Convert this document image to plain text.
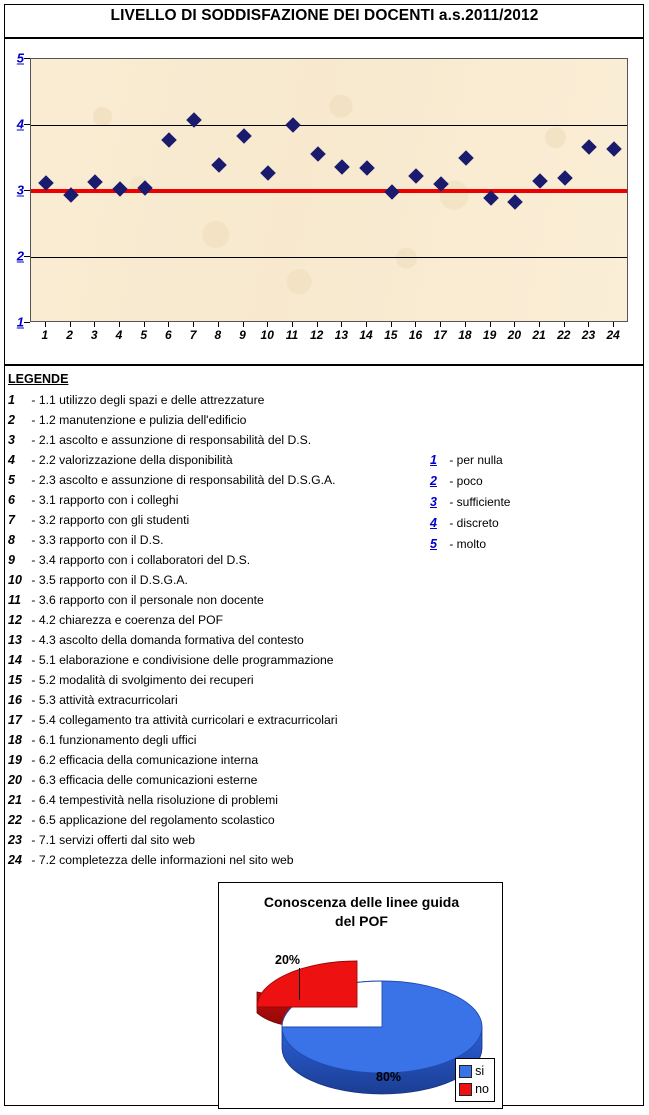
LIVELLO DI SODDISFAZIONE DEI DOCENTI a.s.2011/2012
1
2
3
4
5
1 2 3 4 5 6 7 8 9 10 11 12 13 14 15 16 17 18 19 20 21 22 23 24
LEGENDE
1 - 1.1 utilizzo degli spazi e delle attrezzature
2 - 1.2 manutenzione e pulizia dell'edificio
3 - 2.1 ascolto e assunzione di responsabilità del D.S.
4 - 2.2 valorizzazione della disponibilità
5 - 2.3 ascolto e assunzione di responsabilità del D.S.G.A.
6 - 3.1 rapporto con i colleghi
7 - 3.2 rapporto con gli studenti
8 - 3.3 rapporto con il D.S.
9 - 3.4 rapporto con i collaboratori del D.S.
10 - 3.5 rapporto con il D.S.G.A.
11 - 3.6 rapporto con il personale non docente
12 - 4.2 chiarezza e coerenza del POF
13 - 4.3 ascolto della domanda formativa del contesto
14 - 5.1 elaborazione e condivisione delle programmazione
15 - 5.2 modalità di svolgimento dei recuperi
16 - 5.3 attività extracurricolari
17 - 5.4 collegamento tra attività curricolari e extracurricolari
18 - 6.1 funzionamento degli uffici
19 - 6.2 efficacia della comunicazione interna
20 - 6.3 efficacia delle comunicazioni esterne
21 - 6.4 tempestività nella risoluzione di problemi
22 - 6.5 applicazione del regolamento scolastico
23 - 7.1 servizi offerti dal sito web
24 - 7.2 completezza delle informazioni nel sito web
1 - per nulla
2 - poco
3 - sufficiente
4 - discreto
5 - molto
Conoscenza delle linee guida
del POF
20%
80%	si
no
